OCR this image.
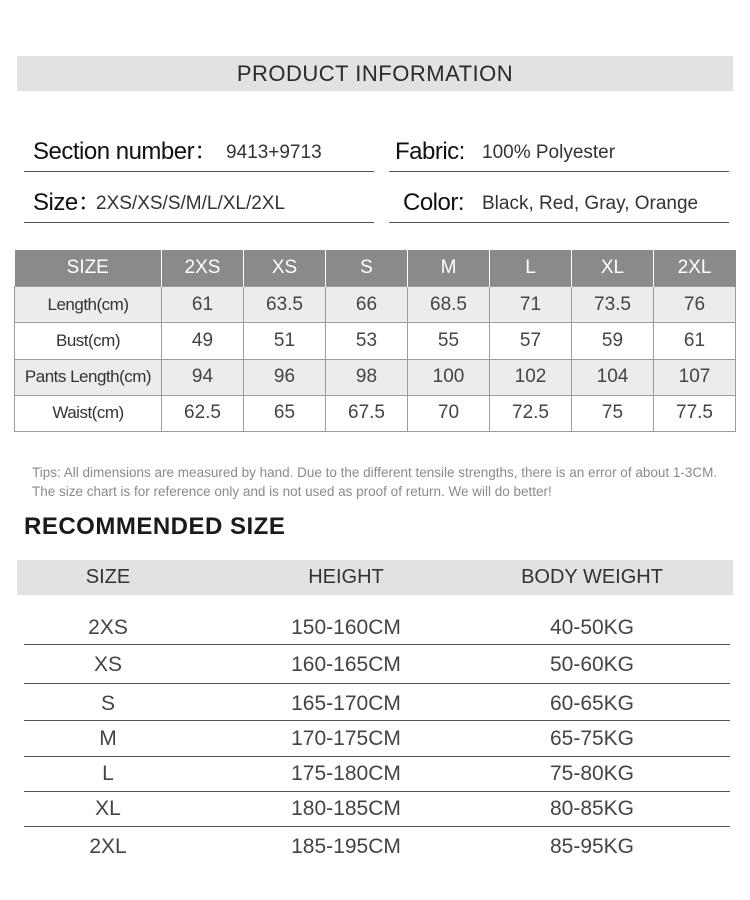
PRODUCT INFORMATION
Section number： 9413+9713	Fabric: 100% Polyester
Size：
2XS/XS/S/M/L/XL/2XL	Color: Black, Red, Gray, Orange
SIZE	2XS	XS	S	M	L	XL	2XL
Length(cm)	61	63.5	66	68.5	71	73.5	76
Bust(cm)	49	51	53	55	57	59	61
Pants Length(cm)	94	96	98	100	102	104	107
Waist(cm)	62.5	65	67.5	70	72.5	75	77.5
Tips: All dimensions are measured by hand. Due to the different tensile strengths, there is an error of about 1-3CM. The size chart is for reference only and is not used as proof of return. We will do better!
RECOMMENDED SIZE
SIZE	HEIGHT	BODY WEIGHT
2XS	150-160CM	40-50KG
XS	160-165CM	50-60KG
S	165-170CM	60-65KG
M	170-175CM	65-75KG
L	175-180CM	75-80KG
XL	180-185CM	80-85KG
2XL	185-195CM	85-95KG
